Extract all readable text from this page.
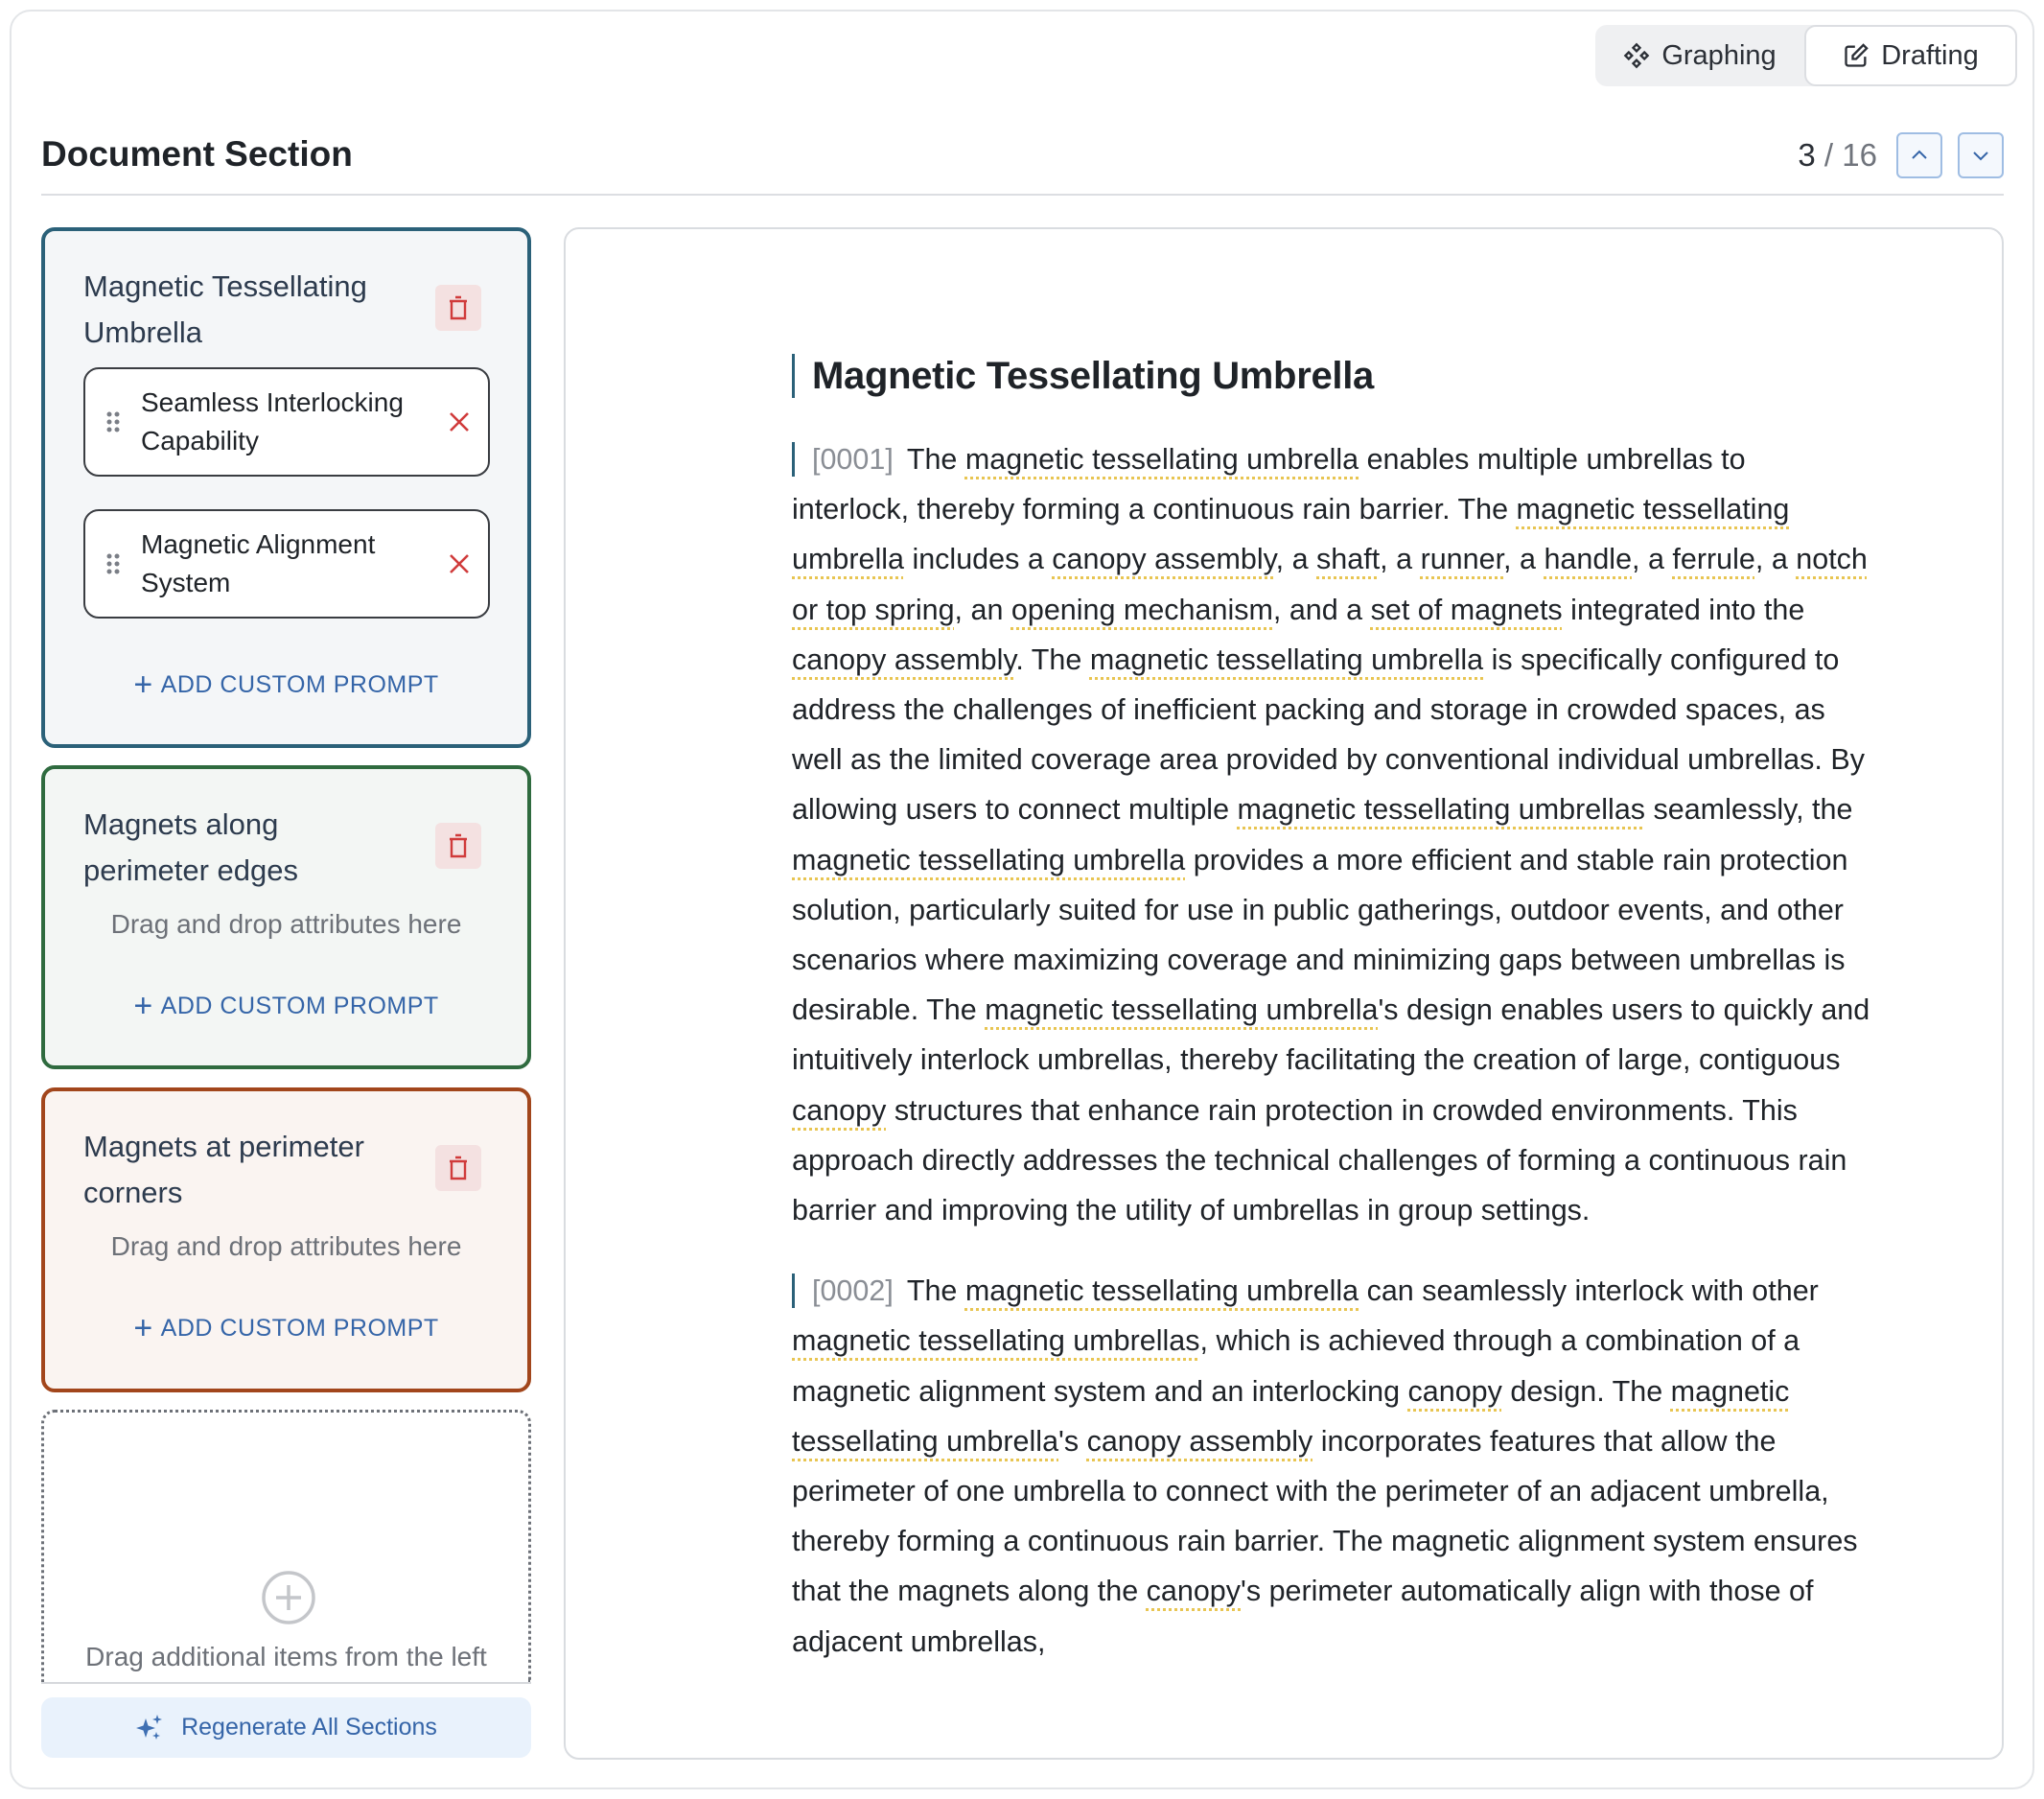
Graphing	Drafting
Document Section	3 / 16
Magnetic Tessellating Umbrella
Seamless Interlocking Capability
Magnetic Alignment System
+ ADD CUSTOM PROMPT
Magnets along perimeter edges
Drag and drop attributes here
+ ADD CUSTOM PROMPT
Magnets at perimeter corners
Drag and drop attributes here
+ ADD CUSTOM PROMPT
Drag additional items from the left
Regenerate All Sections
Magnetic Tessellating Umbrella

[0001] The magnetic tessellating umbrella enables multiple umbrellas to interlock, thereby forming a continuous rain barrier. The magnetic tessellating umbrella includes a canopy assembly, a shaft, a runner, a handle, a ferrule, a notch or top spring, an opening mechanism, and a set of magnets integrated into the canopy assembly. The magnetic tessellating umbrella is specifically configured to address the challenges of inefficient packing and storage in crowded spaces, as well as the limited coverage area provided by conventional individual umbrellas. By allowing users to connect multiple magnetic tessellating umbrellas seamlessly, the magnetic tessellating umbrella provides a more efficient and stable rain protection solution, particularly suited for use in public gatherings, outdoor events, and other scenarios where maximizing coverage and minimizing gaps between umbrellas is desirable. The magnetic tessellating umbrella's design enables users to quickly and intuitively interlock umbrellas, thereby facilitating the creation of large, contiguous canopy structures that enhance rain protection in crowded environments. This approach directly addresses the technical challenges of forming a continuous rain barrier and improving the utility of umbrellas in group settings.

[0002] The magnetic tessellating umbrella can seamlessly interlock with other magnetic tessellating umbrellas, which is achieved through a combination of a magnetic alignment system and an interlocking canopy design. The magnetic tessellating umbrella's canopy assembly incorporates features that allow the perimeter of one umbrella to connect with the perimeter of an adjacent umbrella, thereby forming a continuous rain barrier. The magnetic alignment system ensures that the magnets along the canopy's perimeter automatically align with those of adjacent umbrellas,
